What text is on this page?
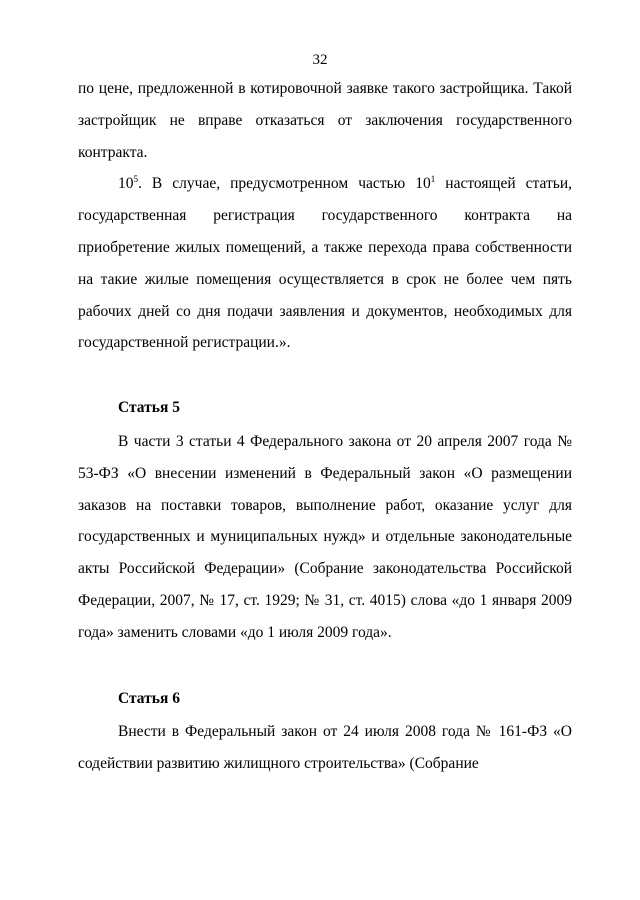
32

по цене, предложенной в котировочной заявке такого застройщика. Такой застройщик не вправе отказаться от заключения государственного контракта.

$10^5$. В случае, предусмотренном частью $10^1$ настоящей статьи, государственная регистрация государственного контракта на приобретение жилых помещений, а также перехода права собственности на такие жилые помещения осуществляется в срок не более чем пять рабочих дней со дня подачи заявления и документов, необходимых для государственной регистрации.».

Статья 5

В части 3 статьи 4 Федерального закона от 20 апреля 2007 года № 53-ФЗ «О внесении изменений в Федеральный закон «О размещении заказов на поставки товаров, выполнение работ, оказание услуг для государственных и муниципальных нужд» и отдельные законодательные акты Российской Федерации» (Собрание законодательства Российской Федерации, 2007, № 17, ст. 1929; № 31, ст. 4015) слова «до 1 января 2009 года» заменить словами «до 1 июля 2009 года».

Статья 6

Внести в Федеральный закон от 24 июля 2008 года № 161-ФЗ «О содействии развитию жилищного строительства» (Собрание
